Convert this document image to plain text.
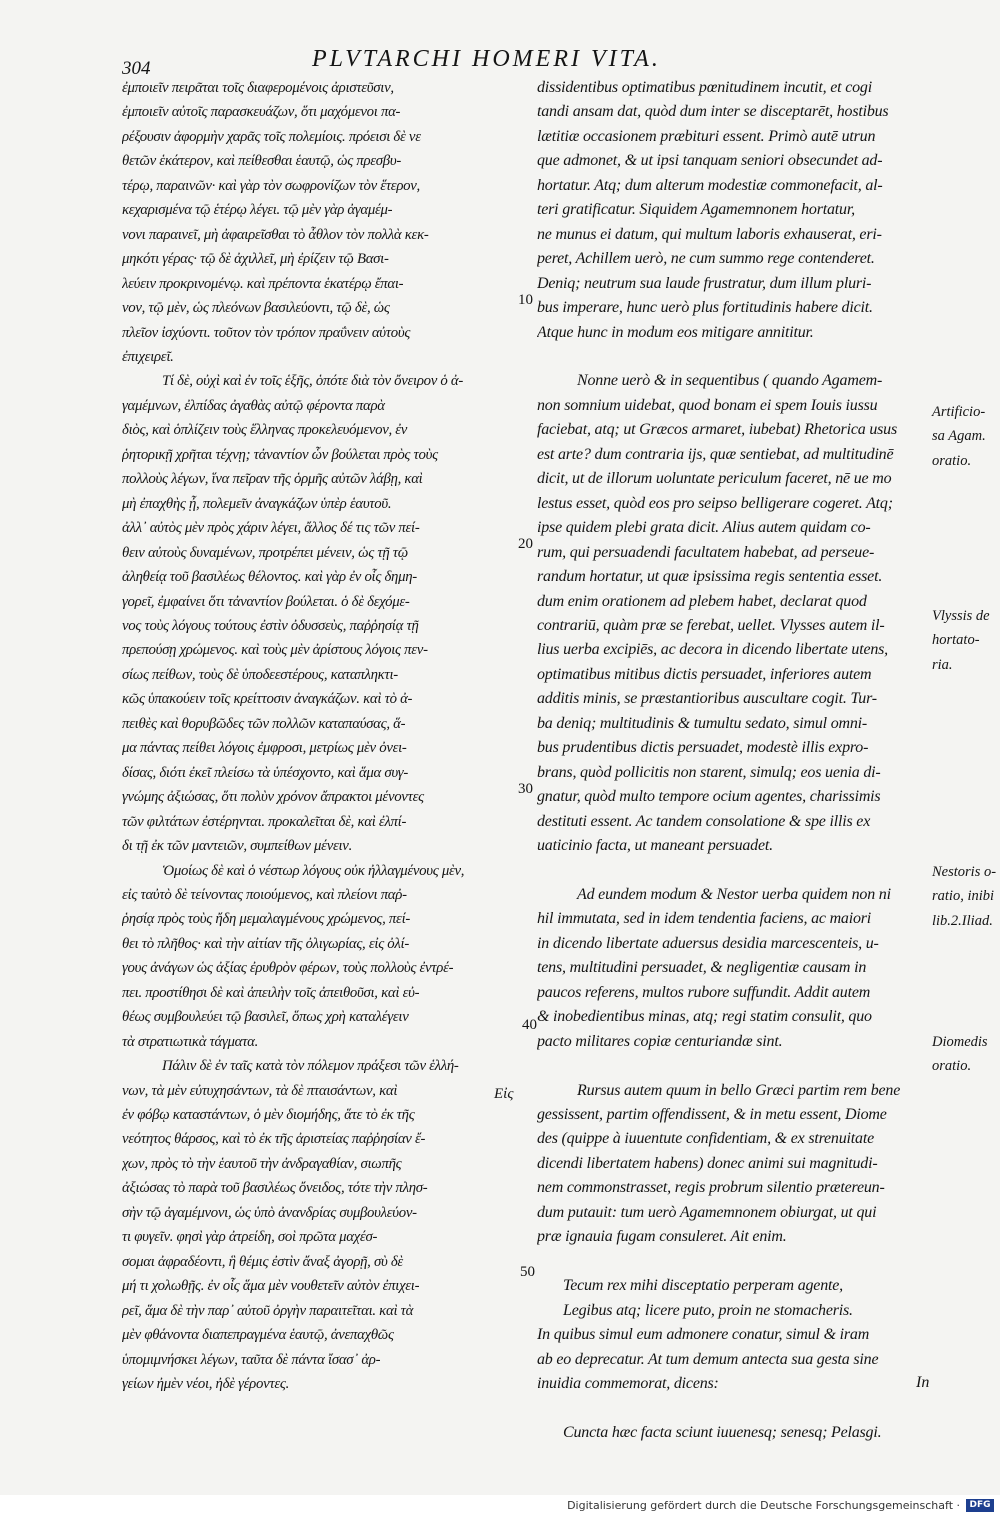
304	PLVTARCHI HOMERI VITA.
ἐμποιεῖν πειρᾶται τοῖς διαφερομένοις ἀριστεῦσιν,
ἐμποιεῖν αὐτοῖς παρασκευάζων, ὅτι μαχόμενοι πα-
ρέξουσιν ἀφορμὴν χαρᾶς τοῖς πολεμίοις. πρόεισι δὲ νε
θετῶν ἑκάτερον, καὶ πείθεσθαι ἑαυτῷ, ὡς πρεσβυ-
τέρῳ, παραινῶν· καὶ γὰρ τὸν σωφρονίζων τὸν ἕτερον,
κεχαρισμένα τῷ ἑτέρῳ λέγει. τῷ μὲν γὰρ ἀγαμέμ-
νονι παραινεῖ, μὴ ἀφαιρεῖσθαι τὸ ἆθλον τὸν πολλὰ κεκ-
μηκότι γέρας· τῷ δὲ ἀχιλλεῖ, μὴ ἐρίζειν τῷ Βασι-
λεύειν προκρινομένῳ. καὶ πρέποντα ἑκατέρῳ ἔπαι-
νον, τῷ μὲν, ὡς πλεόνων βασιλεύοντι, τῷ δὲ, ὡς
πλεῖον ἰσχύοντι. τοῦτον τὸν τρόπον πραΰνειν αὐτοὺς
ἐπιχειρεῖ.
Τί δὲ, οὐχὶ καὶ ἐν τοῖς ἑξῆς, ὁπότε διὰ τὸν ὄνειρον ὁ ἀ-
γαμέμνων, ἐλπίδας ἀγαθὰς αὐτῷ φέροντα παρὰ
διὸς, καὶ ὁπλίζειν τοὺς ἕλληνας προκελευόμενον, ἐν
ῥητορικῇ χρῆται τέχνῃ; τἀναντίον ὧν βούλεται πρὸς τοὺς
πολλοὺς λέγων, ἵνα πεῖραν τῆς ὁρμῆς αὐτῶν λάβῃ, καὶ
μὴ ἐπαχθὴς ᾖ, πολεμεῖν ἀναγκάζων ὑπὲρ ἑαυτοῦ.
ἀλλ᾽ αὐτὸς μὲν πρὸς χάριν λέγει, ἄλλος δέ τις τῶν πεί-
θειν αὐτοὺς δυναμένων, προτρέπει μένειν, ὡς τῇ τῷ
ἀληθείᾳ τοῦ βασιλέως θέλοντος. καὶ γὰρ ἐν οἷς δημη-
γορεῖ, ἐμφαίνει ὅτι τἀναντίον βούλεται. ὁ δὲ δεχόμε-
νος τοὺς λόγους τούτους ἐστὶν ὀδυσσεὺς, παῤῥησίᾳ τῇ
πρεπούσῃ χρώμενος. καὶ τοὺς μὲν ἀρίστους λόγοις πεν-
σίως πείθων, τοὺς δὲ ὑποδεεστέρους, καταπληκτι-
κῶς ὑπακούειν τοῖς κρείττοσιν ἀναγκάζων. καὶ τὸ ἀ-
πειθὲς καὶ θορυβῶδες τῶν πολλῶν καταπαύσας, ἅ-
μα πάντας πείθει λόγοις ἐμφροσι, μετρίως μὲν ὀνει-
δίσας, διότι ἐκεῖ πλείσω τὰ ὑπέσχοντο, καὶ ἅμα συγ-
γνώμης ἀξιώσας, ὅτι πολὺν χρόνον ἄπρακτοι μένοντες
τῶν φιλτάτων ἐστέρηνται. προκαλεῖται δὲ, καὶ ἐλπί-
δι τῇ ἐκ τῶν μαντειῶν, συμπείθων μένειν.
Ὁμοίως δὲ καὶ ὁ νέστωρ λόγους οὐκ ἠλλαγμένους μὲν,
εἰς ταὐτὸ δὲ τείνοντας ποιούμενος, καὶ πλείονι παῤ-
ῥησίᾳ πρὸς τοὺς ἤδη μεμαλαγμένους χρώμενος, πεί-
θει τὸ πλῆθος· καὶ τὴν αἰτίαν τῆς ὀλιγωρίας, εἰς ὀλί-
γους ἀνάγων ὡς ἀξίας ἐρυθρὸν φέρων, τοὺς πολλοὺς ἐντρέ-
πει. προστίθησι δὲ καὶ ἀπειλὴν τοῖς ἀπειθοῦσι, καὶ εὐ-
θέως συμβουλεύει τῷ βασιλεῖ, ὅπως χρὴ καταλέγειν
τὰ στρατιωτικὰ τάγματα.
Πάλιν δὲ ἐν ταῖς κατὰ τὸν πόλεμον πράξεσι τῶν ἑλλή-
νων, τὰ μὲν εὐτυχησάντων, τὰ δὲ πταισάντων, καὶ
ἐν φόβῳ καταστάντων, ὁ μὲν διομήδης, ἅτε τὸ ἐκ τῆς
νεότητος θάρσος, καὶ τὸ ἐκ τῆς ἀριστείας παῤῥησίαν ἔ-
χων, πρὸς τὸ τὴν ἑαυτοῦ τὴν ἀνδραγαθίαν, σιωπῆς
ἀξιώσας τὸ παρὰ τοῦ βασιλέως ὄνειδος, τότε τὴν πλησ-
σὴν τῷ ἀγαμέμνονι, ὡς ὑπὸ ἀνανδρίας συμβουλεύον-
τι φυγεῖν. φησὶ γὰρ ἀτρείδη, σοὶ πρῶτα μαχέσ-
σομαι ἀφραδέοντι, ἣ θέμις ἐστὶν ἄναξ ἀγορῇ, σὺ δὲ
μή τι χολωθῇς. ἐν οἷς ἅμα μὲν νουθετεῖν αὐτὸν ἐπιχει-
ρεῖ, ἅμα δὲ τὴν παρ᾽ αὐτοῦ ὀργὴν παραιτεῖται. καὶ τὰ
μὲν φθάνοντα διαπεπραγμένα ἑαυτῷ, ἀνεπαχθῶς
ὑπομιμνήσκει λέγων, ταῦτα δὲ πάντα ἴσασ᾽ ἀρ-
γείων ἠμὲν νέοι, ἠδὲ γέροντες.
dissidentibus optimatibus pœnitudinem incutit, et cogi
tandi ansam dat, quòd dum inter se disceptarēt, hostibus
lætitiæ occasionem præbituri essent. Primò autē utrun
que admonet, & ut ipsi tanquam seniori obsecundet ad-
hortatur. Atq; dum alterum modestiæ commonefacit, al-
teri gratificatur. Siquidem Agamemnonem hortatur,
ne munus ei datum, qui multum laboris exhauserat, eri-
peret, Achillem uerò, ne cum summo rege contenderet.
Deniq; neutrum sua laude frustratur, dum illum pluri-
bus imperare, hunc uerò plus fortitudinis habere dicit.
Atque hunc in modum eos mitigare annititur.
Nonne uerò & in sequentibus ( quando Agamem-
non somnium uidebat, quod bonam ei spem Iouis iussu
faciebat, atq; ut Græcos armaret, iubebat) Rhetorica usus
est arte? dum contraria ijs, quæ sentiebat, ad multitudinē
dicit, ut de illorum uoluntate periculum faceret, nē ue mo
lestus esset, quòd eos pro seipso belligerare cogeret. Atq;
ipse quidem plebi grata dicit. Alius autem quidam co-
rum, qui persuadendi facultatem habebat, ad perseue-
randum hortatur, ut quæ ipsissima regis sententia esset.
dum enim orationem ad plebem habet, declarat quod
contrariū, quàm præ se ferebat, uellet. Vlysses autem il-
lius uerba excipiēs, ac decora in dicendo libertate utens,
optimatibus mitibus dictis persuadet, inferiores autem
additis minis, se præstantioribus auscultare cogit. Tur-
ba deniq; multitudinis & tumultu sedato, simul omni-
bus prudentibus dictis persuadet, modestè illis expro-
brans, quòd pollicitis non starent, simulq; eos uenia di-
gnatur, quòd multo tempore ocium agentes, charissimis
destituti essent. Ac tandem consolatione & spe illis ex
uaticinio facta, ut maneant persuadet.
Ad eundem modum & Nestor uerba quidem non ni
hil immutata, sed in idem tendentia faciens, ac maiori
in dicendo libertate aduersus desidia marcescenteis, u-
tens, multitudini persuadet, & negligentiæ causam in
paucos referens, multos rubore suffundit. Addit autem
& inobedientibus minas, atq; regi statim consulit, quo
pacto militares copiæ centuriandæ sint.
Rursus autem quum in bello Græci partim rem bene
gessissent, partim offendissent, & in metu essent, Diome
des (quippe à iuuentute confidentiam, & ex strenuitate
dicendi libertatem habens) donec animi sui magnitudi-
nem commonstrasset, regis probrum silentio prætereun-
dum putauit: tum uerò Agamemnonem obiurgat, ut qui
præ ignauia fugam consuleret. Ait enim.
Tecum rex mihi disceptatio perperam agente,
Legibus atq; licere puto, proin ne stomacheris.
In quibus simul eum admonere conatur, simul & iram
ab eo deprecatur. At tum demum antecta sua gesta sine
inuidia commemorat, dicens:
Cuncta hæc facta sciunt iuuenesq; senesq; Pelasgi.
10
20
30
40
50
Artificio-
sa Agam.
oratio.
Vlyssis de
hortato-
ria.
Nestoris o-
ratio, inibi
lib.2.Iliad.
Diomedis
oratio.
Εἰς
In
Digitalisierung gefördert durch die Deutsche Forschungsgemeinschaft ·	DFG
